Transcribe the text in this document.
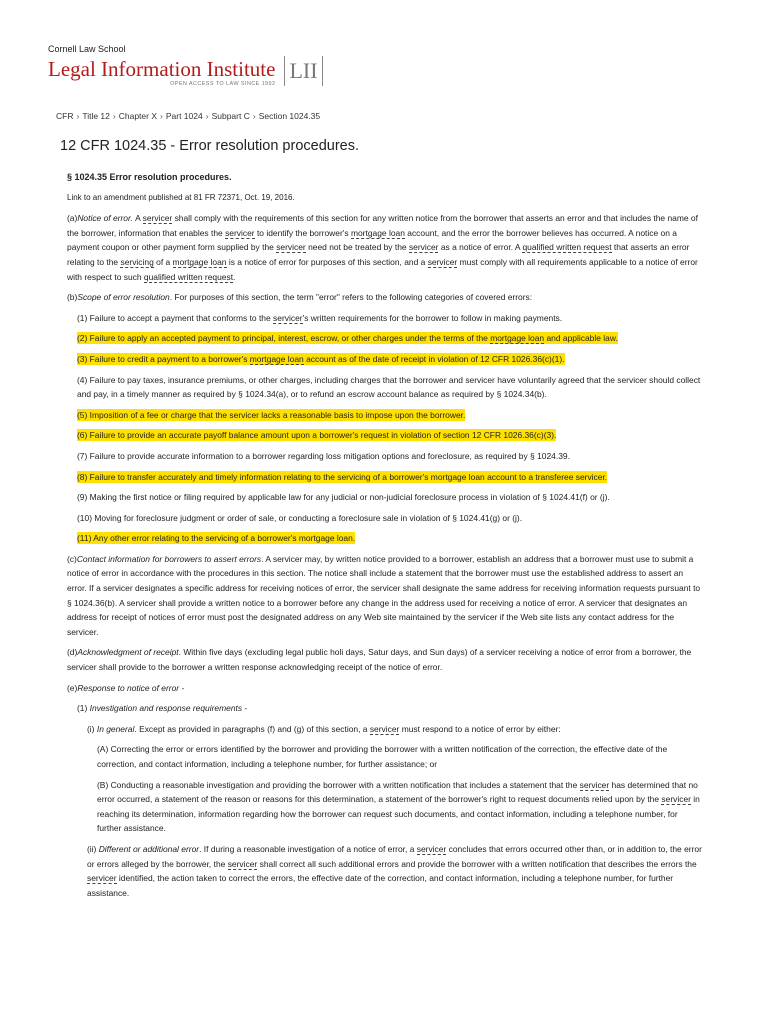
Cornell Law School
Legal Information Institute
OPEN ACCESS TO LAW SINCE 1992
LII
CFR › Title 12 › Chapter X › Part 1024 › Subpart C › Section 1024.35
12 CFR 1024.35 - Error resolution procedures.

§ 1024.35 Error resolution procedures.

Link to an amendment published at 81 FR 72371, Oct. 19, 2016.

(a)Notice of error. A servicer shall comply with the requirements of this section for any written notice from the borrower that asserts an error and that includes the name of the borrower, information that enables the servicer to identify the borrower's mortgage loan account, and the error the borrower believes has occurred. A notice on a payment coupon or other payment form supplied by the servicer need not be treated by the servicer as a notice of error. A qualified written request that asserts an error relating to the servicing of a mortgage loan is a notice of error for purposes of this section, and a servicer must comply with all requirements applicable to a notice of error with respect to such qualified written request.

(b)Scope of error resolution. For purposes of this section, the term "error" refers to the following categories of covered errors:

(1) Failure to accept a payment that conforms to the servicer's written requirements for the borrower to follow in making payments.

(2) Failure to apply an accepted payment to principal, interest, escrow, or other charges under the terms of the mortgage loan and applicable law.

(3) Failure to credit a payment to a borrower's mortgage loan account as of the date of receipt in violation of 12 CFR 1026.36(c)(1).

(4) Failure to pay taxes, insurance premiums, or other charges, including charges that the borrower and servicer have voluntarily agreed that the servicer should collect and pay, in a timely manner as required by § 1024.34(a), or to refund an escrow account balance as required by § 1024.34(b).

(5) Imposition of a fee or charge that the servicer lacks a reasonable basis to impose upon the borrower.

(6) Failure to provide an accurate payoff balance amount upon a borrower's request in violation of section 12 CFR 1026.36(c)(3).

(7) Failure to provide accurate information to a borrower regarding loss mitigation options and foreclosure, as required by § 1024.39.

(8) Failure to transfer accurately and timely information relating to the servicing of a borrower's mortgage loan account to a transferee servicer.

(9) Making the first notice or filing required by applicable law for any judicial or non-judicial foreclosure process in violation of § 1024.41(f) or (j).

(10) Moving for foreclosure judgment or order of sale, or conducting a foreclosure sale in violation of § 1024.41(g) or (j).

(11) Any other error relating to the servicing of a borrower's mortgage loan.

(c)Contact information for borrowers to assert errors. A servicer may, by written notice provided to a borrower, establish an address that a borrower must use to submit a notice of error in accordance with the procedures in this section. The notice shall include a statement that the borrower must use the established address to assert an error. If a servicer designates a specific address for receiving notices of error, the servicer shall designate the same address for receiving information requests pursuant to § 1024.36(b). A servicer shall provide a written notice to a borrower before any change in the address used for receiving a notice of error. A servicer that designates an address for receipt of notices of error must post the designated address on any Web site maintained by the servicer if the Web site lists any contact address for the servicer.

(d)Acknowledgment of receipt. Within five days (excluding legal public holi days, Satur days, and Sun days) of a servicer receiving a notice of error from a borrower, the servicer shall provide to the borrower a written response acknowledging receipt of the notice of error.

(e)Response to notice of error -

(1) Investigation and response requirements -

(i) In general. Except as provided in paragraphs (f) and (g) of this section, a servicer must respond to a notice of error by either:

(A) Correcting the error or errors identified by the borrower and providing the borrower with a written notification of the correction, the effective date of the correction, and contact information, including a telephone number, for further assistance; or

(B) Conducting a reasonable investigation and providing the borrower with a written notification that includes a statement that the servicer has determined that no error occurred, a statement of the reason or reasons for this determination, a statement of the borrower's right to request documents relied upon by the servicer in reaching its determination, information regarding how the borrower can request such documents, and contact information, including a telephone number, for further assistance.

(ii) Different or additional error. If during a reasonable investigation of a notice of error, a servicer concludes that errors occurred other than, or in addition to, the error or errors alleged by the borrower, the servicer shall correct all such additional errors and provide the borrower with a written notification that describes the errors the servicer identified, the action taken to correct the errors, the effective date of the correction, and contact information, including a telephone number, for further assistance.
